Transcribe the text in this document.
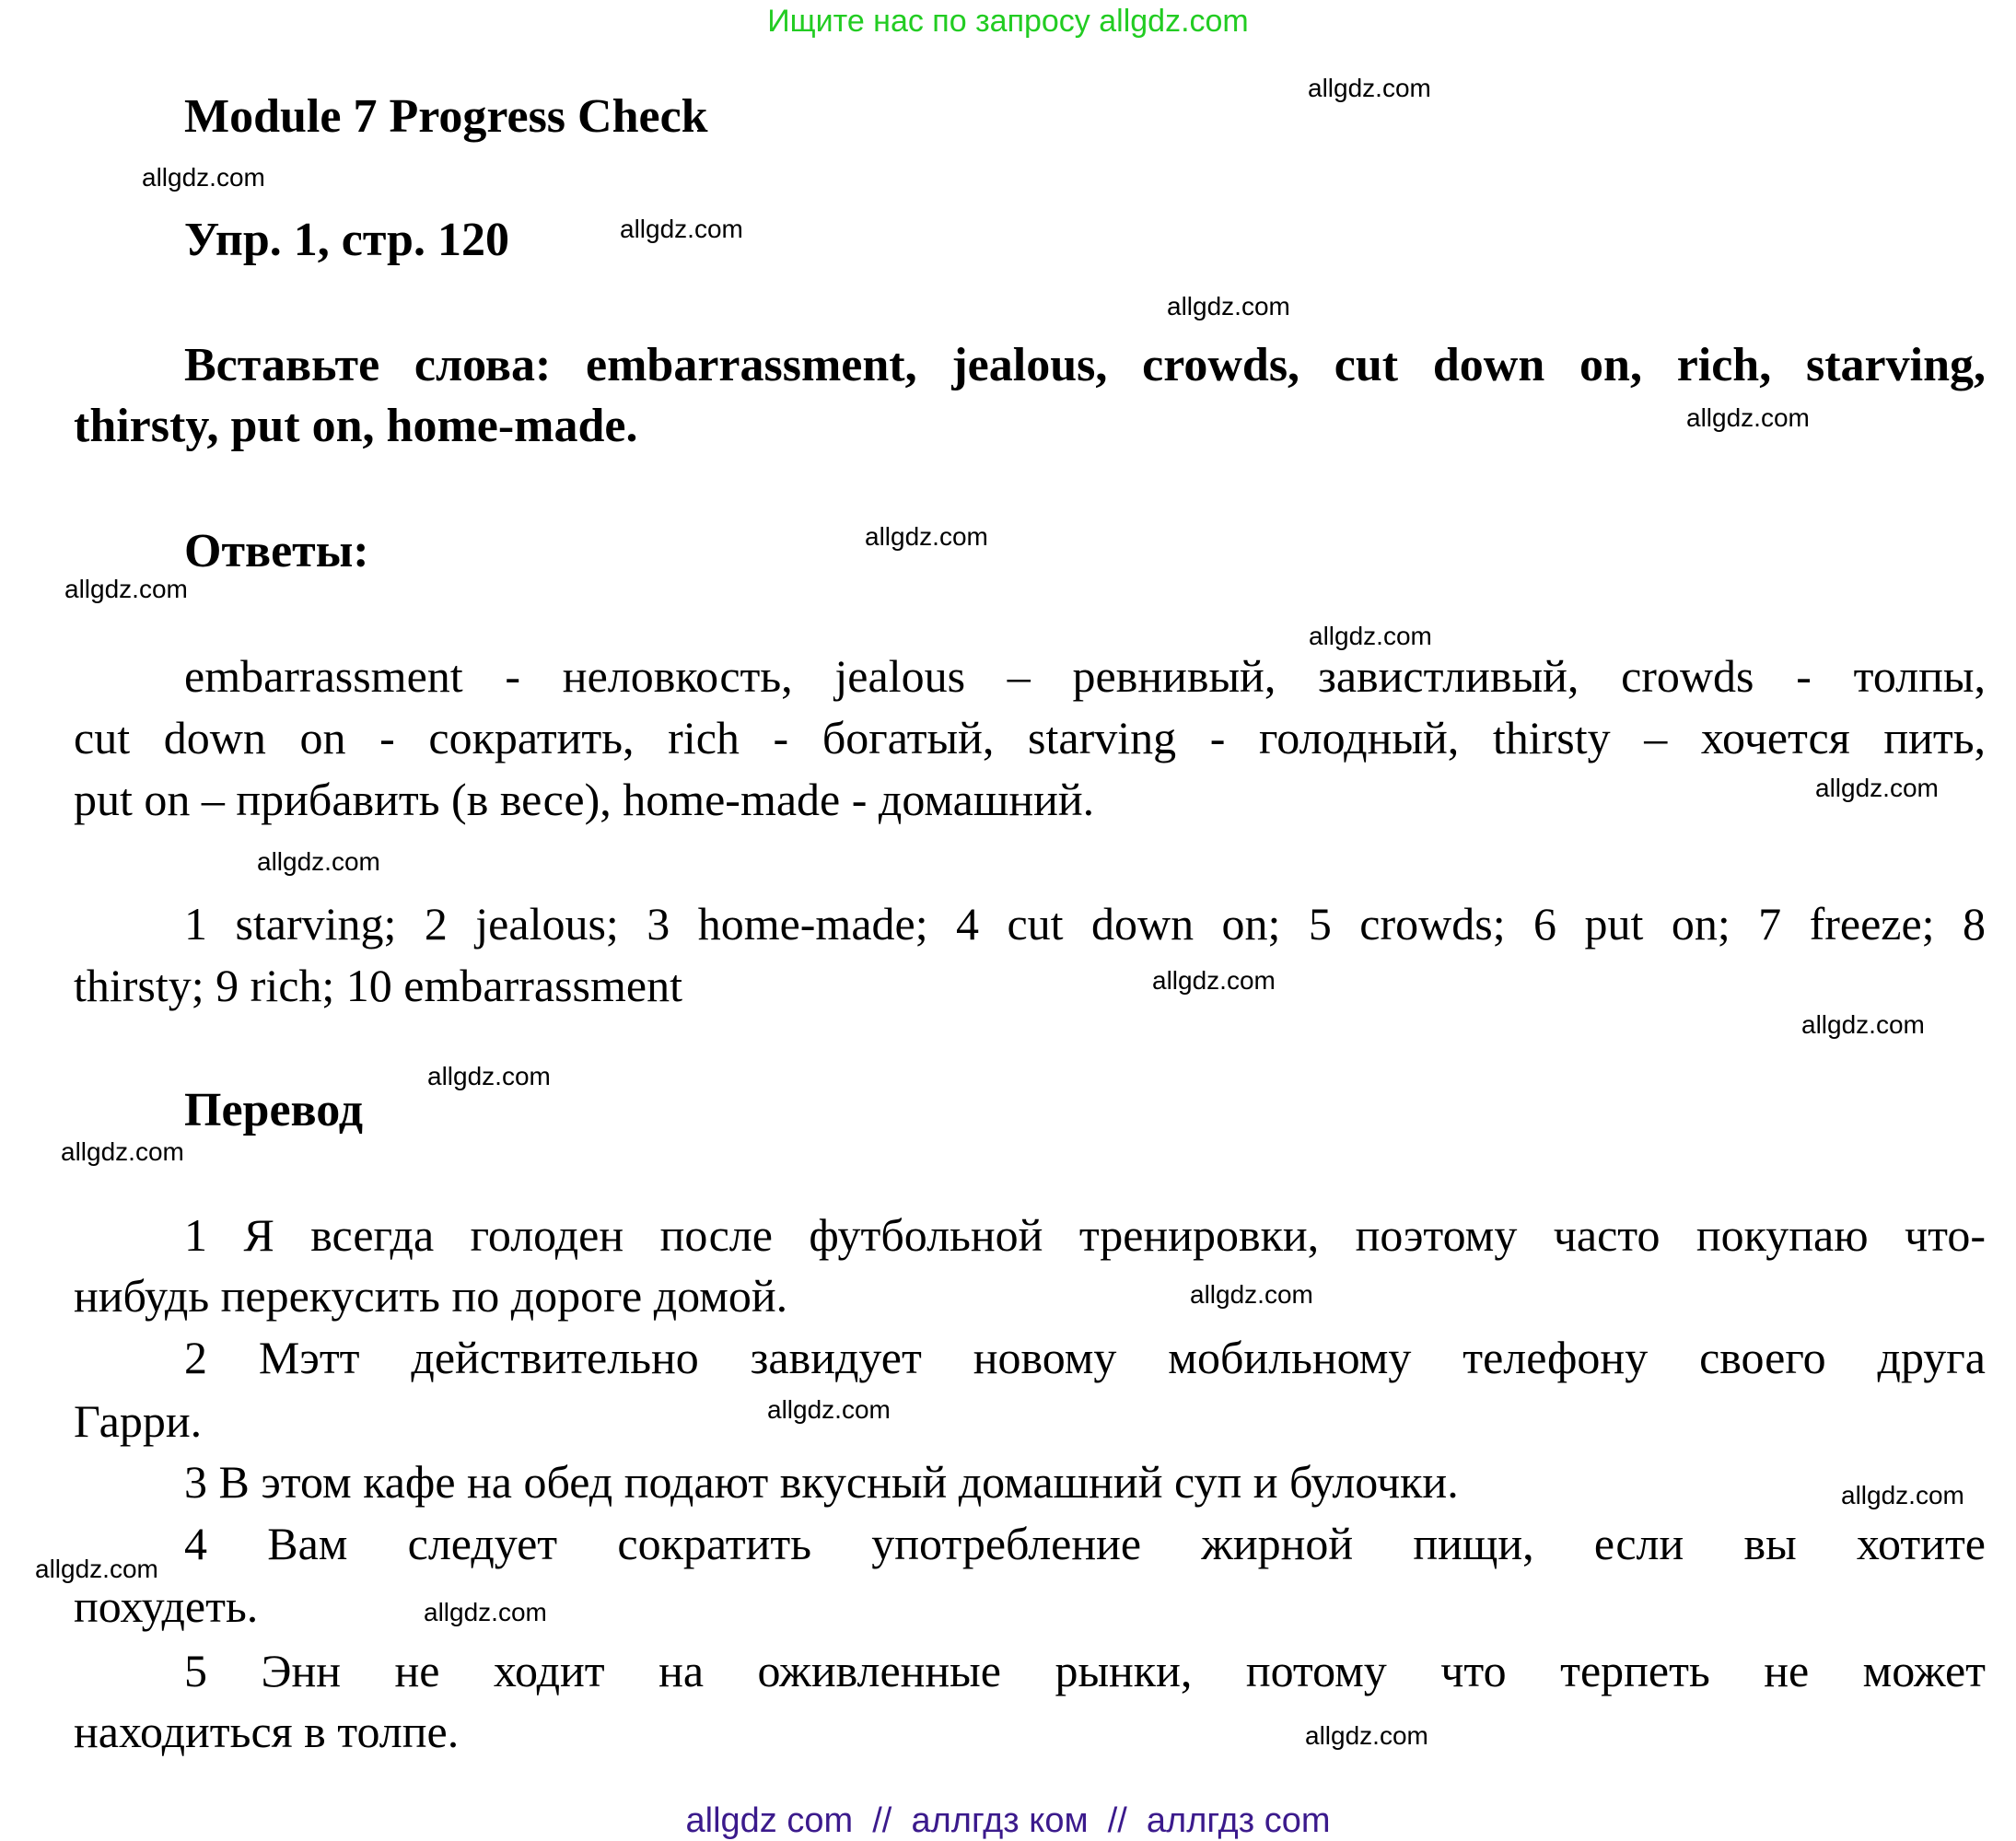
Ищите нас по запросу allgdz.com
Module 7 Progress Check
Упр. 1, стр. 120
Вставьте слова: embarrassment, jealous, crowds, cut down on, rich, starving,
thirsty, put on, home-made.
Ответы:
embarrassment - неловкость, jealous – ревнивый, завистливый, crowds - толпы,
cut down on - сократить, rich - богатый, starving - голодный, thirsty – хочется пить,
put on – прибавить (в весе), home-made - домашний.
1 starving; 2 jealous; 3 home-made; 4 cut down on; 5 crowds; 6 put on; 7 freeze; 8
thirsty; 9 rich; 10 embarrassment
Перевод
1 Я всегда голоден после футбольной тренировки, поэтому часто покупаю что-
нибудь перекусить по дороге домой.
2 Мэтт действительно завидует новому мобильному телефону своего друга
Гарри.
3 В этом кафе на обед подают вкусный домашний суп и булочки.
4 Вам следует сократить употребление жирной пищи, если вы хотите
похудеть.
5 Энн не ходит на оживленные рынки, потому что терпеть не может
находиться в толпе.
allgdz.com
allgdz.com
allgdz.com
allgdz.com
allgdz.com
allgdz.com
allgdz.com
allgdz.com
allgdz.com
allgdz.com
allgdz.com
allgdz.com
allgdz.com
allgdz.com
allgdz.com
allgdz.com
allgdz.com
allgdz.com
allgdz.com
allgdz.com
allgdz com  //  аллгдз ком  //  аллгдз com
